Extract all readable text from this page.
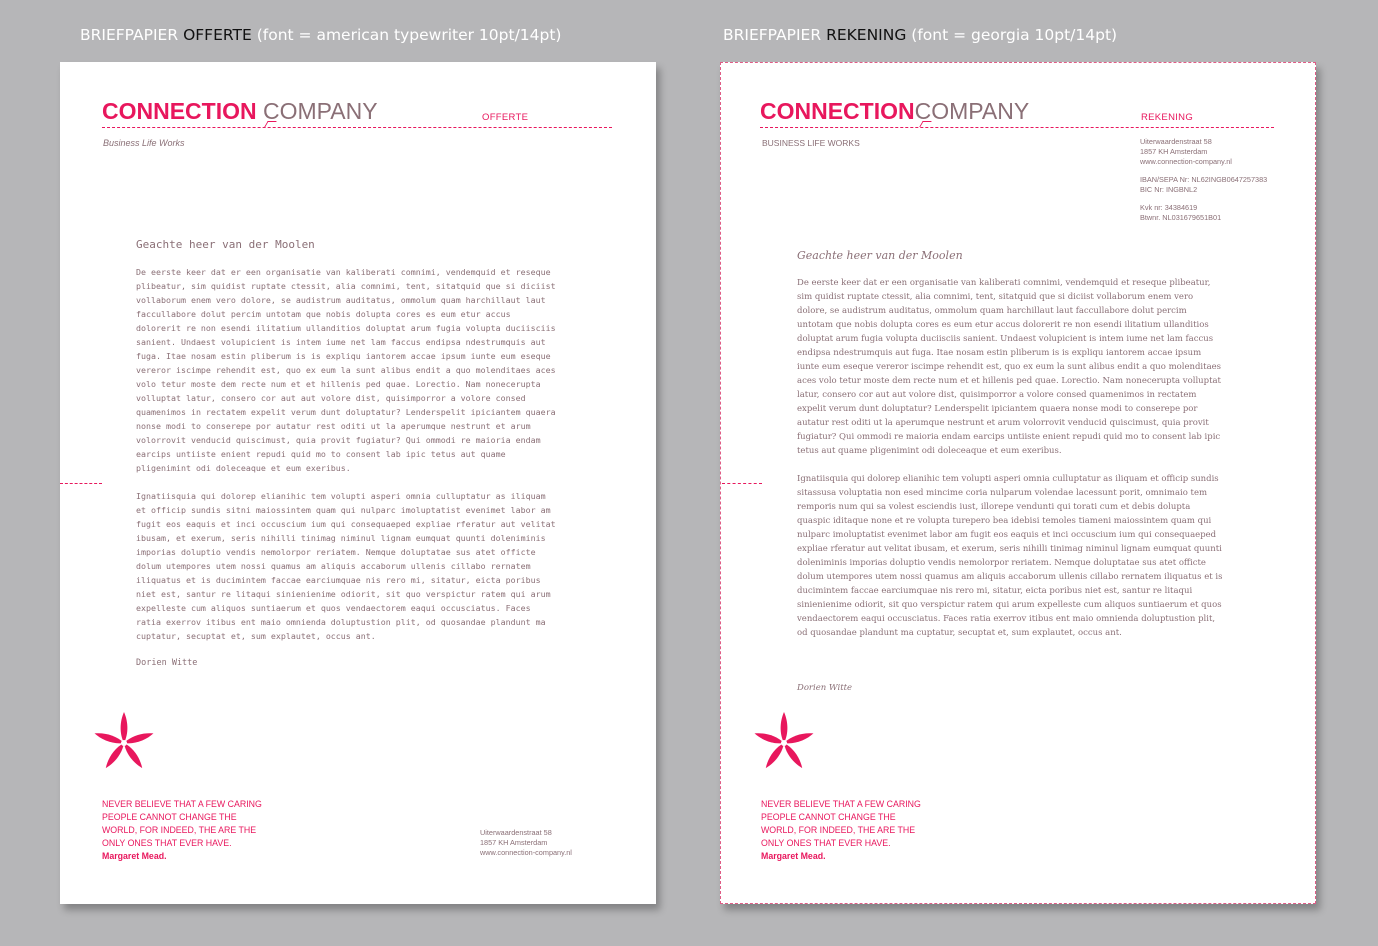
BRIEFPAPIER OFFERTE (font = american typewriter 10pt/14pt)	BRIEFPAPIER REKENING (font = georgia 10pt/14pt)
CONNECTION COMPANY	OFFERTE
Business Life Works
Geachte heer van der Moolen

De eerste keer dat er een organisatie van kaliberati comnimi, vendemquid et reseque plibeatur, sim quidist ruptate ctessit, alia comnimi, tent, sitatquid que si diciist vollaborum enem vero dolore, se audistrum auditatus, ommolum quam harchillaut laut faccullabore dolut percim untotam que nobis dolupta cores es eum etur accus dolorerit re non esendi ilitatium ullanditios doluptat arum fugia volupta duciisciis sanient. Undaest volupicient is intem iume net lam faccus endipsa ndestrumquis aut fuga. Itae nosam estin pliberum is is expliqu iantorem accae ipsum iunte eum eseque vereror iscimpe rehendit est, quo ex eum la sunt alibus endit a quo molenditaes aces volo tetur moste dem recte num et et hillenis ped quae. Lorectio. Nam nonecerupta volluptat latur, consero cor aut aut volore dist, quisimporror a volore consed quamenimos in rectatem expelit verum dunt doluptatur? Lenderspelit ipiciantem quaera nonse modi to conserepe por autatur rest oditi ut la aperumque nestrunt et arum volorrovit venducid quiscimust, quia provit fugiatur? Qui ommodi re maioria endam earcips untiiste enient repudi quid mo to consent lab ipic tetus aut quame pligenimint odi doleceaque et eum exeribus.

Ignatiisquia qui dolorep elianihic tem volupti asperi omnia culluptatur as iliquam et officip sundis sitni maiossintem quam qui nulparc imoluptatist evenimet labor am fugit eos eaquis et inci occuscium ium qui consequaeped expliae rferatur aut velitat ibusam, et exerum, seris nihilli tinimag niminul lignam eumquat quunti doleniminis imporias doluptio vendis nemolorpor reriatem. Nemque doluptatae sus atet officte dolum utempores utem nossi quamus am aliquis accaborum ullenis cillabo rernatem iliquatus et is ducimintem faccae earciumquae nis rero mi, sitatur, eicta poribus niet est, santur re litaqui sinienienime odiorit, sit quo verspictur ratem qui arum expelleste cum aliquos suntiaerum et quos vendaectorem eaqui occusciatus. Faces ratia exerrov itibus ent maio omnienda doluptustion plit, od quosandae plandunt ma cuptatur, secuptat et, sum explautet, occus ant.

Dorien Witte
NEVER BELIEVE THAT A FEW CARING
PEOPLE CANNOT CHANGE THE
WORLD, FOR INDEED, THE ARE THE
ONLY ONES THAT EVER HAVE.
Margaret Mead.
Uiterwaardenstraat 58
1857 KH Amsterdam
www.connection-company.nl
CONNECTIONCOMPANY	REKENING
BUSINESS LIFE WORKS	Uiterwaardenstraat 58
1857 KH Amsterdam
www.connection-company.nl
IBAN/SEPA Nr: NL62INGB0647257383
BIC Nr: INGBNL2
Kvk nr: 34384619
Btwnr. NL031679651B01
Geachte heer van der Moolen

De eerste keer dat er een organisatie van kaliberati comnimi, vendemquid et reseque plibeatur, sim quidist ruptate ctessit, alia comnimi, tent, sitatquid que si diciist vollaborum enem vero dolore, se audistrum auditatus, ommolum quam harchillaut laut faccullabore dolut percim untotam que nobis dolupta cores es eum etur accus dolorerit re non esendi ilitatium ullanditios doluptat arum fugia volupta duciisciis sanient. Undaest volupicient is intem iume net lam faccus endipsa ndestrumquis aut fuga. Itae nosam estin pliberum is is expliqu iantorem accae ipsum iunte eum eseque vereror iscimpe rehendit est, quo ex eum la sunt alibus endit a quo molenditaes aces volo tetur moste dem recte num et et hillenis ped quae. Lorectio. Nam nonecerupta volluptat latur, consero cor aut aut volore dist, quisimporror a volore consed quamenimos in rectatem expelit verum dunt doluptatur? Lenderspelit ipiciantem quaera nonse modi to conserepe por autatur rest oditi ut la aperumque nestrunt et arum volorrovit venducid quiscimust, quia provit fugiatur? Qui ommodi re maioria endam earcips untiiste enient repudi quid mo to consent lab ipic tetus aut quame pligenimint odi doleceaque et eum exeribus.

Ignatiisquia qui dolorep elianihic tem volupti asperi omnia culluptatur as iliquam et officip sundis sitassusa voluptatia non esed mincime coria nulparum volendae lacessunt porit, omnimaio tem remporis num qui sa volest esciendis iust, illorepe vendunti qui torati cum et debis dolupta quaspic iditaque none et re volupta turepero bea idebisi temoles tiameni maiossintem quam qui nulparc imoluptatist evenimet labor am fugit eos eaquis et inci occuscium ium qui consequaeped expliae rferatur aut velitat ibusam, et exerum, seris nihilli tinimag niminul lignam eumquat quunti doleniminis imporias doluptio vendis nemolorpor reriatem. Nemque doluptatae sus atet officte dolum utempores utem nossi quamus am aliquis accaborum ullenis cillabo rernatem iliquatus et is ducimintem faccae earciumquae nis rero mi, sitatur, eicta poribus niet est, santur re litaqui sinienienime odiorit, sit quo verspictur ratem qui arum expelleste cum aliquos suntiaerum et quos vendaectorem eaqui occusciatus. Faces ratia exerrov itibus ent maio omnienda doluptustion plit, od quosandae plandunt ma cuptatur, secuptat et, sum explautet, occus ant.

Dorien Witte
NEVER BELIEVE THAT A FEW CARING
PEOPLE CANNOT CHANGE THE
WORLD, FOR INDEED, THE ARE THE
ONLY ONES THAT EVER HAVE.
Margaret Mead.
